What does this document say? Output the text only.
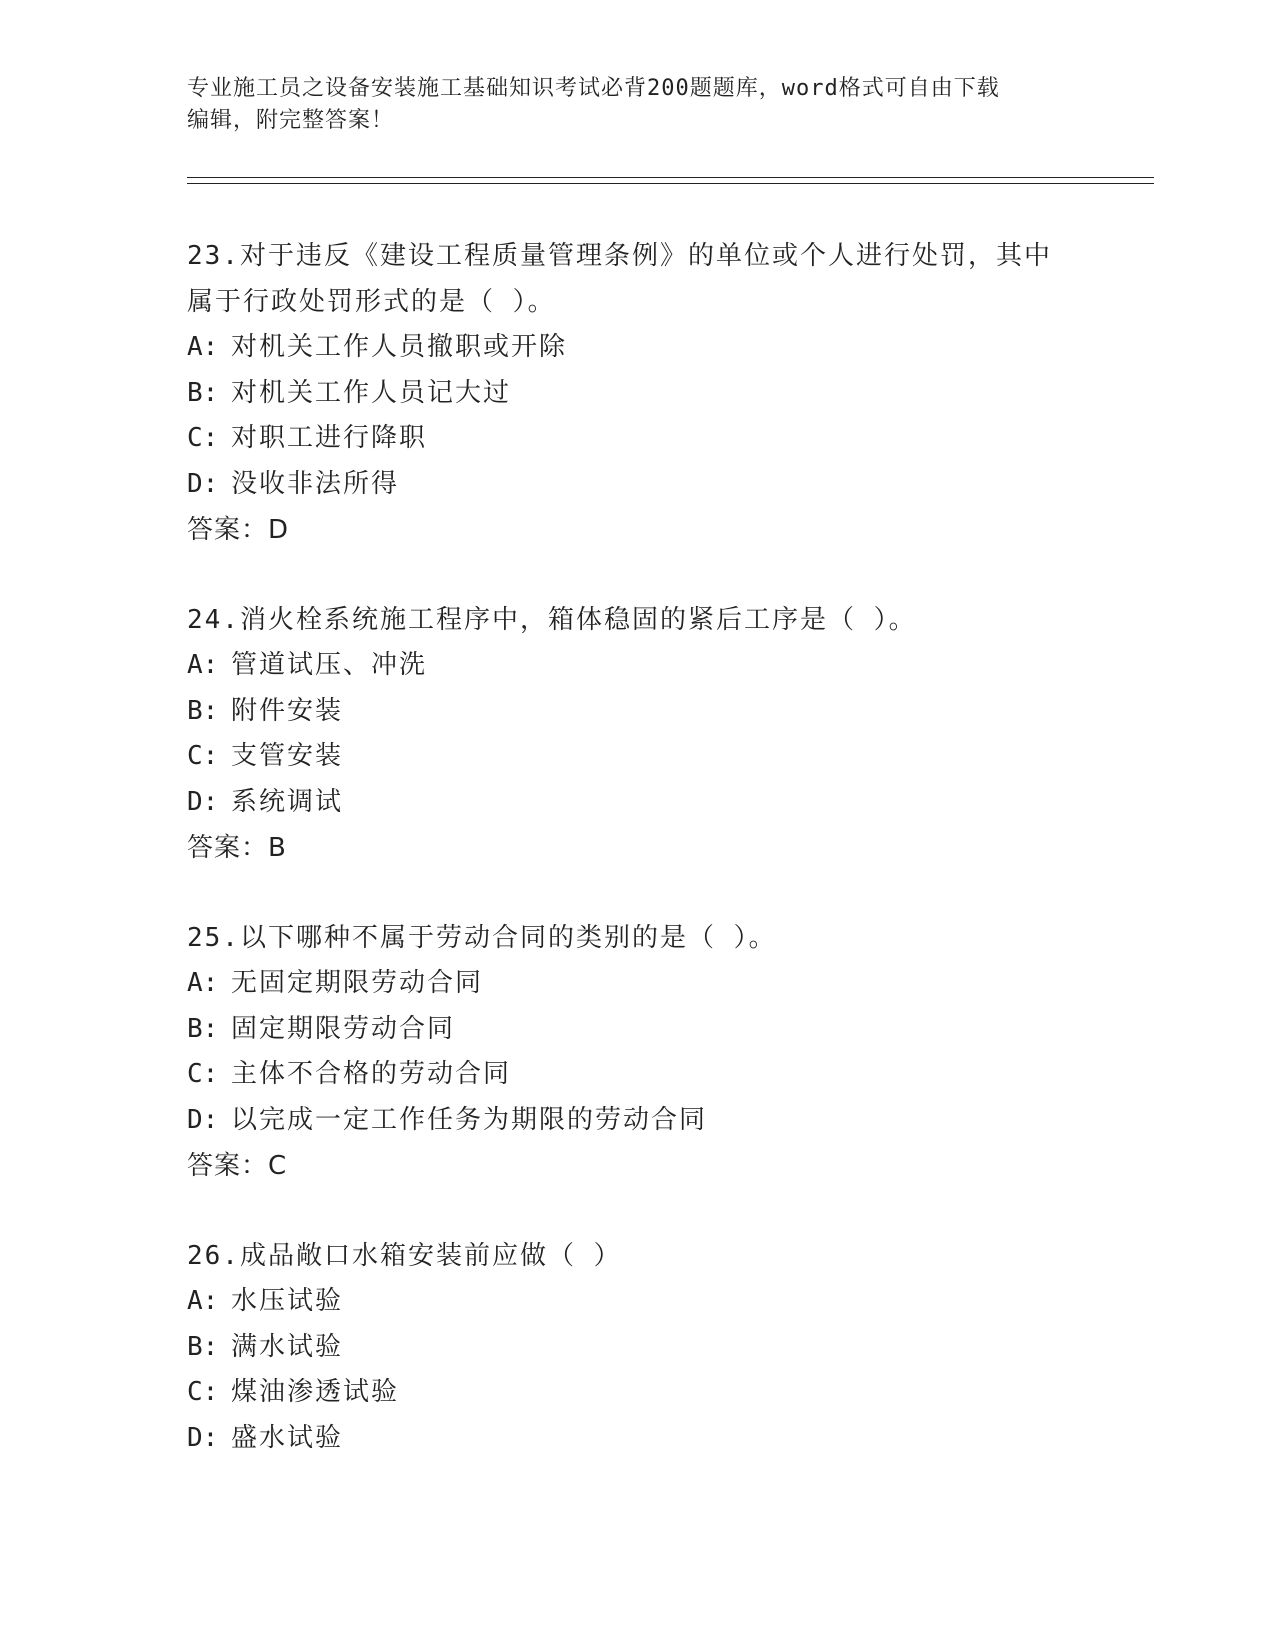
专业施工员之设备安装施工基础知识考试必背200题题库，word格式可自由下载
编辑，附完整答案！
23.对于违反《建设工程质量管理条例》的单位或个人进行处罚，其中
属于行政处罚形式的是（ ）。
A: 对机关工作人员撤职或开除
B: 对机关工作人员记大过
C: 对职工进行降职
D: 没收非法所得
答案：D
24.消火栓系统施工程序中，箱体稳固的紧后工序是（ ）。
A: 管道试压、冲洗
B: 附件安装
C: 支管安装
D: 系统调试
答案：B
25.以下哪种不属于劳动合同的类别的是（ ）。
A: 无固定期限劳动合同
B: 固定期限劳动合同
C: 主体不合格的劳动合同
D: 以完成一定工作任务为期限的劳动合同
答案：C
26.成品敞口水箱安装前应做（ ）
A: 水压试验
B: 满水试验
C: 煤油渗透试验
D: 盛水试验
